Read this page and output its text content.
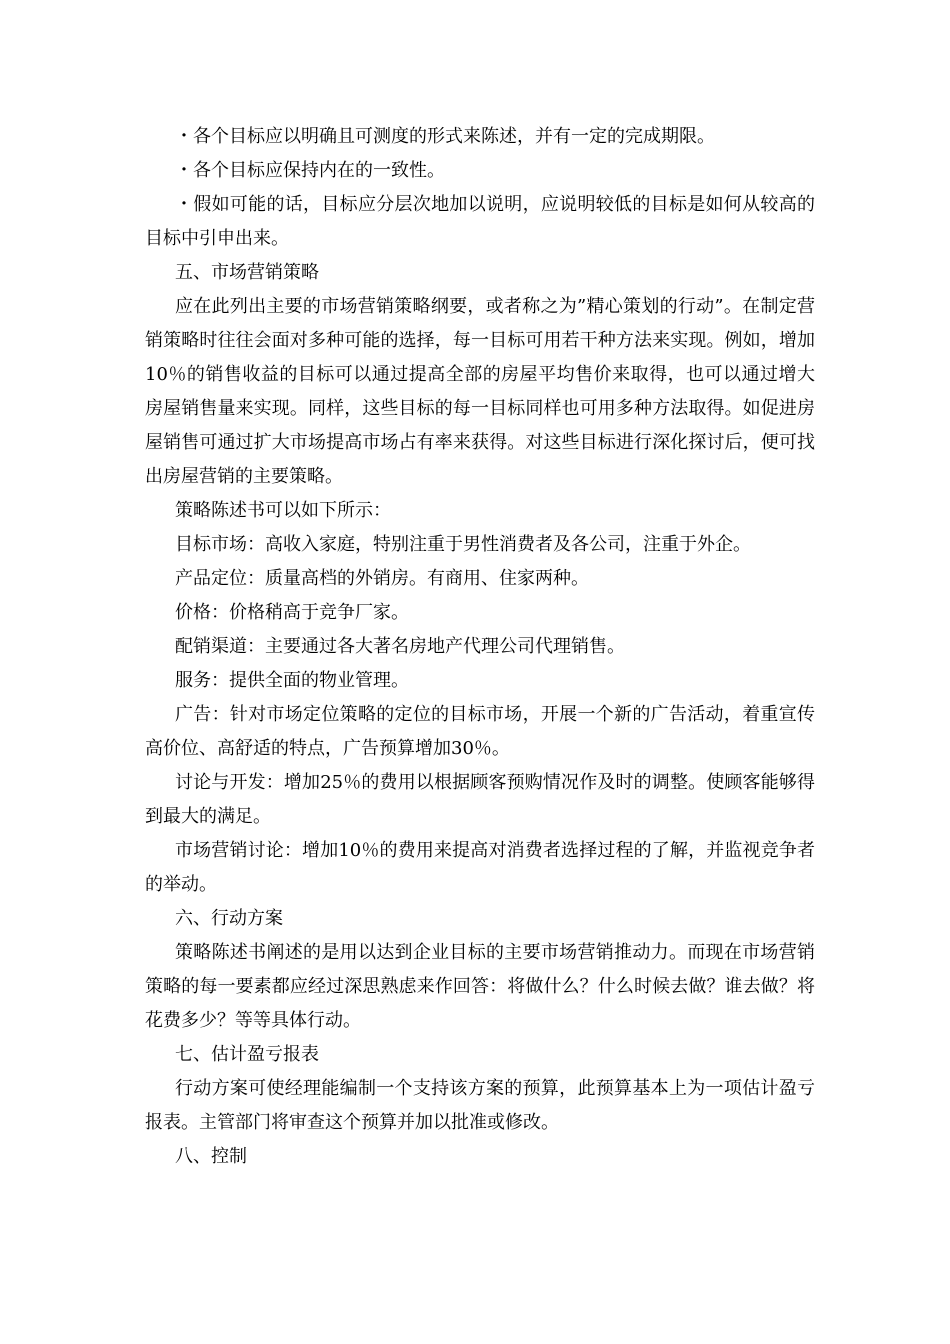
・各个目标应以明确且可测度的形式来陈述，并有一定的完成期限。

・各个目标应保持内在的一致性。

・假如可能的话，目标应分层次地加以说明，应说明较低的目标是如何从较高的目标中引申出来。

五、市场营销策略

应在此列出主要的市场营销策略纲要，或者称之为”精心策划的行动”。在制定营销策略时往往会面对多种可能的选择，每一目标可用若干种方法来实现。例如，增加10％的销售收益的目标可以通过提高全部的房屋平均售价来取得，也可以通过增大房屋销售量来实现。同样，这些目标的每一目标同样也可用多种方法取得。如促进房屋销售可通过扩大市场提高市场占有率来获得。对这些目标进行深化探讨后，便可找出房屋营销的主要策略。

策略陈述书可以如下所示：

目标市场：高收入家庭，特别注重于男性消费者及各公司，注重于外企。

产品定位：质量高档的外销房。有商用、住家两种。

价格：价格稍高于竞争厂家。

配销渠道：主要通过各大著名房地产代理公司代理销售。

服务：提供全面的物业管理。

广告：针对市场定位策略的定位的目标市场，开展一个新的广告活动，着重宣传高价位、高舒适的特点，广告预算增加30％。

讨论与开发：增加25％的费用以根据顾客预购情况作及时的调整。使顾客能够得到最大的满足。

市场营销讨论：增加10％的费用来提高对消费者选择过程的了解，并监视竞争者的举动。

六、行动方案

策略陈述书阐述的是用以达到企业目标的主要市场营销推动力。而现在市场营销策略的每一要素都应经过深思熟虑来作回答：将做什么？什么时候去做？谁去做？将花费多少？等等具体行动。

七、估计盈亏报表

行动方案可使经理能编制一个支持该方案的预算，此预算基本上为一项估计盈亏报表。主管部门将审查这个预算并加以批准或修改。

八、控制
